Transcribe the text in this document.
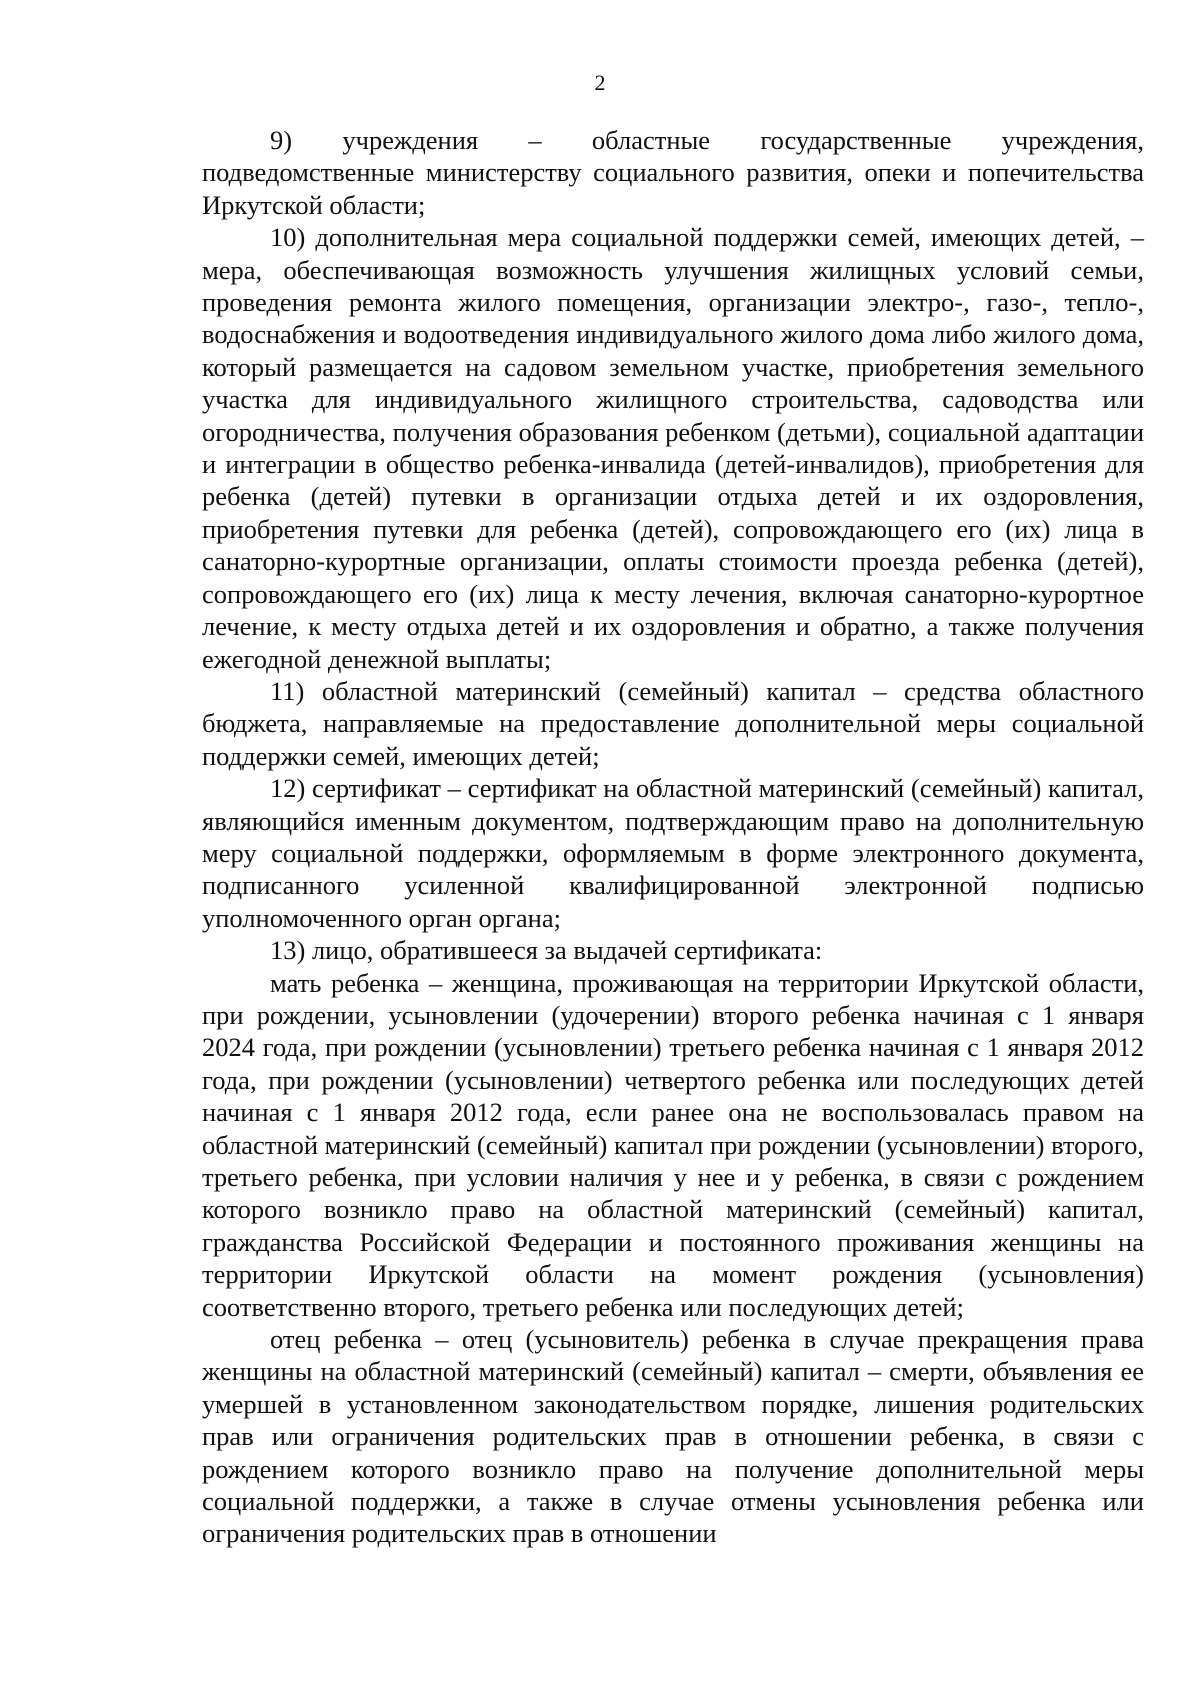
2

9) учреждения – областные государственные учреждения, подведомственные министерству социального развития, опеки и попечительства Иркутской области;

10) дополнительная мера социальной поддержки семей, имеющих детей, – мера, обеспечивающая возможность улучшения жилищных условий семьи, проведения ремонта жилого помещения, организации электро-, газо-, тепло-, водоснабжения и водоотведения индивидуального жилого дома либо жилого дома, который размещается на садовом земельном участке, приобретения земельного участка для индивидуального жилищного строительства, садоводства или огородничества, получения образования ребенком (детьми), социальной адаптации и интеграции в общество ребенка-инвалида (детей-инвалидов), приобретения для ребенка (детей) путевки в организации отдыха детей и их оздоровления, приобретения путевки для ребенка (детей), сопровождающего его (их) лица в санаторно-курортные организации, оплаты стоимости проезда ребенка (детей), сопровождающего его (их) лица к месту лечения, включая санаторно-курортное лечение, к месту отдыха детей и их оздоровления и обратно, а также получения ежегодной денежной выплаты;

11) областной материнский (семейный) капитал – средства областного бюджета, направляемые на предоставление дополнительной меры социальной поддержки семей, имеющих детей;

12) сертификат – сертификат на областной материнский (семейный) капитал, являющийся именным документом, подтверждающим право на дополнительную меру социальной поддержки, оформляемым в форме электронного документа, подписанного усиленной квалифицированной электронной подписью уполномоченного орган органа;

13) лицо, обратившееся за выдачей сертификата:

мать ребенка – женщина, проживающая на территории Иркутской области, при рождении, усыновлении (удочерении) второго ребенка начиная с 1 января 2024 года, при рождении (усыновлении) третьего ребенка начиная с 1 января 2012 года, при рождении (усыновлении) четвертого ребенка или последующих детей начиная с 1 января 2012 года, если ранее она не воспользовалась правом на областной материнский (семейный) капитал при рождении (усыновлении) второго, третьего ребенка, при условии наличия у нее и у ребенка, в связи с рождением которого возникло право на областной материнский (семейный) капитал, гражданства Российской Федерации и постоянного проживания женщины на территории Иркутской области на момент рождения (усыновления) соответственно второго, третьего ребенка или последующих детей;

отец ребенка – отец (усыновитель) ребенка в случае прекращения права женщины на областной материнский (семейный) капитал – смерти, объявления ее умершей в установленном законодательством порядке, лишения родительских прав или ограничения родительских прав в отношении ребенка, в связи с рождением которого возникло право на получение дополнительной меры социальной поддержки, а также в случае отмены усыновления ребенка или ограничения родительских прав в отношении
